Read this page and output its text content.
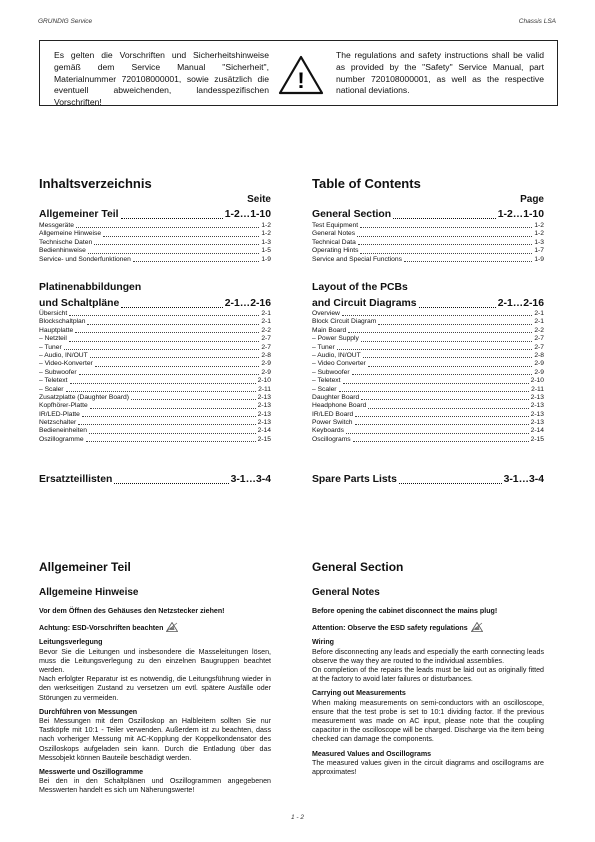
GRUNDIG Service	Chassis LSA
Es gelten die Vorschriften und Sicherheitshinweise gemäß dem Service Manual "Sicherheit", Materialnummer 720108000001, sowie zusätzlich die eventuell abweichenden, landesspezifischen Vorschriften!
!
The regulations and safety instructions shall be valid as provided by the "Safety" Service Manual, part number 720108000001, as well as the respective national deviations.
Inhaltsverzeichnis
Seite
Allgemeiner Teil	1-2…1-10
Messgeräte	1-2
Allgemeine Hinweise	1-2
Technische Daten	1-3
Bedienhinweise	1-5
Service- und Sonderfunktionen	1-9
Platinenabbildungen
und Schaltpläne	2-1…2-16
Übersicht	2-1
Blockschaltplan	2-1
Hauptplatte	2-2
– Netzteil	2-7
– Tuner	2-7
– Audio, IN/OUT	2-8
– Video-Konverter	2-9
– Subwoofer	2-9
– Teletext	2-10
– Scaler	2-11
Zusatzplatte (Daughter Board)	2-13
Kopfhörer-Platte	2-13
IR/LED-Platte	2-13
Netzschalter	2-13
Bedieneinheiten	2-14
Oszillogramme	2-15
Ersatzteillisten	3-1…3-4
Table of Contents
Page
General Section	1-2…1-10
Test Equipment	1-2
General Notes	1-2
Technical Data	1-3
Operating Hints	1-7
Service and Special Functions	1-9
Layout of the PCBs
and Circuit Diagrams	2-1…2-16
Overview	2-1
Block Circuit Diagram	2-1
Main Board	2-2
– Power Supply	2-7
– Tuner	2-7
– Audio, IN/OUT	2-8
– Video Converter	2-9
– Subwoofer	2-9
– Teletext	2-10
– Scaler	2-11
Daughter Board	2-13
Headphone Board	2-13
IR/LED Board	2-13
Power Switch	2-13
Keyboards	2-14
Oscillograms	2-15
Spare Parts Lists	3-1…3-4
Allgemeiner Teil
Allgemeine Hinweise
Vor dem Öffnen des Gehäuses den Netzstecker ziehen!
Achtung: ESD-Vorschriften beachten
Leitungsverlegung

Bevor Sie die Leitungen und insbesondere die Masseleitungen lösen, muss die Leitungsverlegung zu den einzelnen Baugruppen beachtet werden.

Nach erfolgter Reparatur ist es notwendig, die Leitungsführung wieder in den werkseitigen Zustand zu versetzen um evtl. spätere Ausfälle oder Störungen zu vermeiden.

Durchführen von Messungen

Bei Messungen mit dem Oszilloskop an Halbleitern sollten Sie nur Tastköpfe mit 10:1 - Teiler verwenden. Außerdem ist zu beachten, dass nach vorheriger Messung mit AC-Kopplung der Koppelkondensator des Oszilloskops aufgeladen sein kann. Durch die Entladung über das Messobjekt können Bauteile beschädigt werden.

Messwerte und Oszillogramme

Bei den in den Schaltplänen und Oszillogrammen angegebenen Messwerten handelt es sich um Näherungswerte!

General Section
General Notes
Before opening the cabinet disconnect the mains plug!
Attention: Observe the ESD safety regulations
Wiring

Before disconnecting any leads and especially the earth connecting leads observe the way they are routed to the individual assemblies.

On completion of the repairs the leads must be laid out as originally fitted at the factory to avoid later failures or disturbances.

Carrying out Measurements

When making measurements on semi-conductors with an oscilloscope, ensure that the test probe is set to 10:1 dividing factor. If the previous measurement was made on AC input, please note that the coupling capacitor in the oscilloscope will be charged. Discharge via the item being checked can damage the components.

Measured Values and Oscillograms

The measured values given in the circuit diagrams and oscillograms are approximates!

1 - 2
